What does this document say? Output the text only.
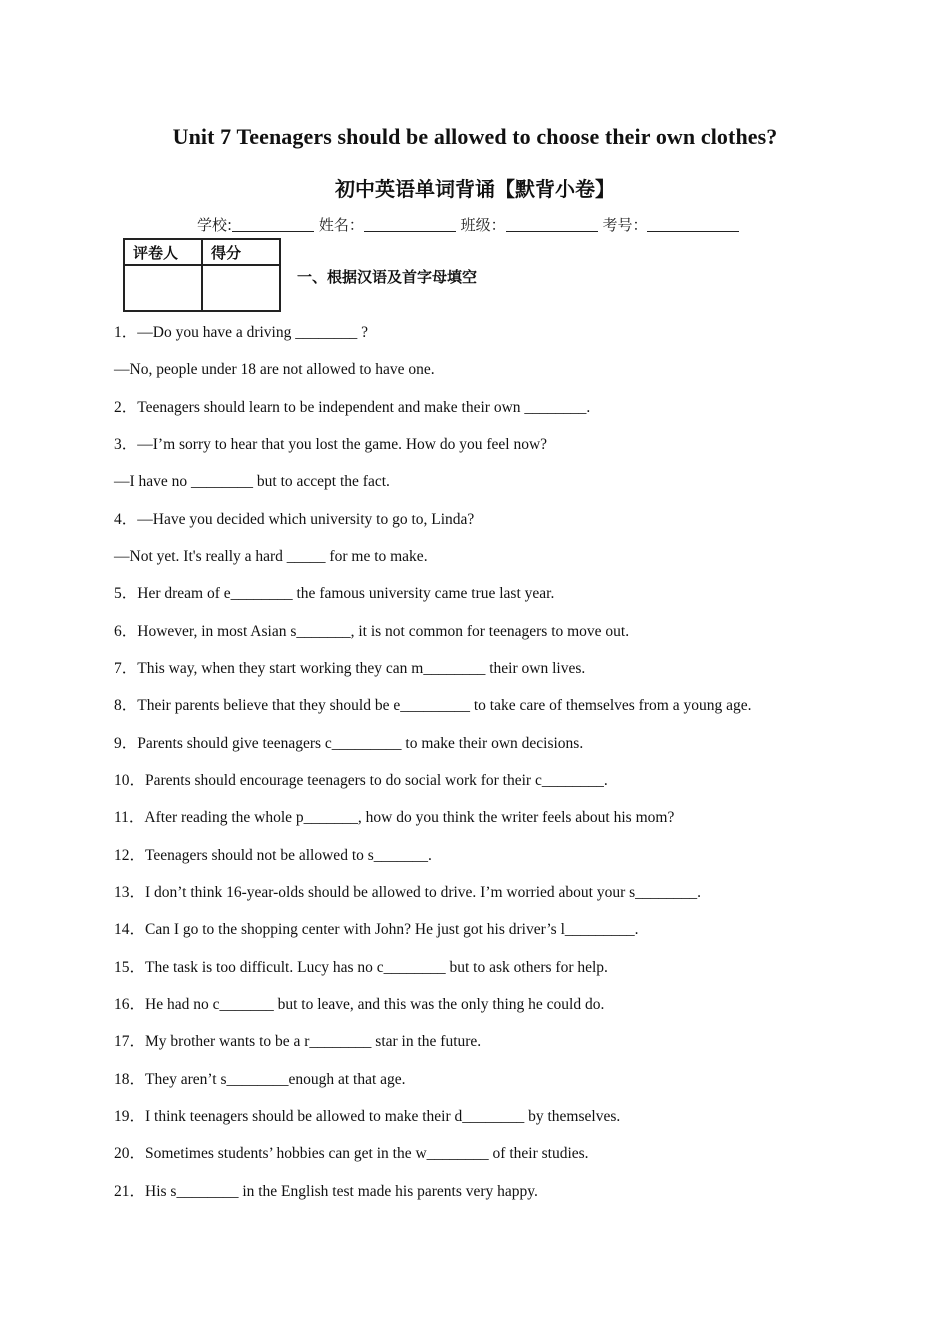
Unit 7 Teenagers should be allowed to choose their own clothes?
初中英语单词背诵【默背小卷】
学校:	姓名：	班级：	考号：
评卷人	得分

一、根据汉语及首字母填空
1．—Do you have a driving ________ ?
—No, people under 18 are not allowed to have one.
2．Teenagers should learn to be independent and make their own ________.
3．—I’m sorry to hear that you lost the game. How do you feel now?
—I have no ________ but to accept the fact.
4．—Have you decided which university to go to, Linda?
—Not yet. It's really a hard _____ for me to make.
5．Her dream of e________ the famous university came true last year.
6．However, in most Asian s_______, it is not common for teenagers to move out.
7．This way, when they start working they can m________ their own lives.
8．Their parents believe that they should be e_________ to take care of themselves from a young age.
9．Parents should give teenagers c_________ to make their own decisions.
10．Parents should encourage teenagers to do social work for their c________.
11．After reading the whole p_______, how do you think the writer feels about his mom?
12．Teenagers should not be allowed to s_______.
13．I don’t think 16-year-olds should be allowed to drive. I’m worried about your s________.
14．Can I go to the shopping center with John? He just got his driver’s l_________.
15．The task is too difficult. Lucy has no c________ but to ask others for help.
16．He had no c_______ but to leave, and this was the only thing he could do.
17．My brother wants to be a r________ star in the future.
18．They aren’t s________enough at that age.
19．I think teenagers should be allowed to make their d________ by themselves.
20．Sometimes students’ hobbies can get in the w________ of their studies.
21．His s________ in the English test made his parents very happy.
